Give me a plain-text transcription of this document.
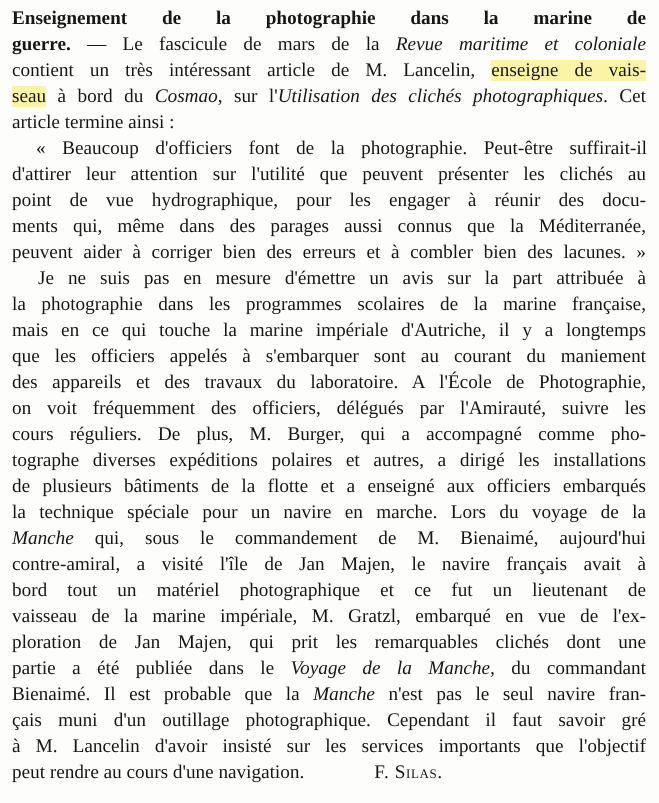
Enseignement de la photographie dans la marine de
guerre. — Le fascicule de mars de la Revue maritime et coloniale
contient un très intéressant article de M. Lancelin, enseigne de vais-
seau à bord du Cosmao, sur l'Utilisation des clichés photographiques. Cet
article termine ainsi :
« Beaucoup d'officiers font de la photographie. Peut-être suffirait-il
d'attirer leur attention sur l'utilité que peuvent présenter les clichés au
point de vue hydrographique, pour les engager à réunir des docu-
ments qui, même dans des parages aussi connus que la Méditerranée,
peuvent aider à corriger bien des erreurs et à combler bien des lacunes. »
Je ne suis pas en mesure d'émettre un avis sur la part attribuée à
la photographie dans les programmes scolaires de la marine française,
mais en ce qui touche la marine impériale d'Autriche, il y a longtemps
que les officiers appelés à s'embarquer sont au courant du maniement
des appareils et des travaux du laboratoire. A l'École de Photographie,
on voit fréquemment des officiers, délégués par l'Amirauté, suivre les
cours réguliers. De plus, M. Burger, qui a accompagné comme pho-
tographe diverses expéditions polaires et autres, a dirigé les installations
de plusieurs bâtiments de la flotte et a enseigné aux officiers embarqués
la technique spéciale pour un navire en marche. Lors du voyage de la
Manche qui, sous le commandement de M. Bienaimé, aujourd'hui
contre-amiral, a visité l'île de Jan Majen, le navire français avait à
bord tout un matériel photographique et ce fut un lieutenant de
vaisseau de la marine impériale, M. Gratzl, embarqué en vue de l'ex-
ploration de Jan Majen, qui prit les remarquables clichés dont une
partie a été publiée dans le Voyage de la Manche, du commandant
Bienaimé. Il est probable que la Manche n'est pas le seul navire fran-
çais muni d'un outillage photographique. Cependant il faut savoir gré
à M. Lancelin d'avoir insisté sur les services importants que l'objectif
peut rendre au cours d'une navigation.	F. Silas.
